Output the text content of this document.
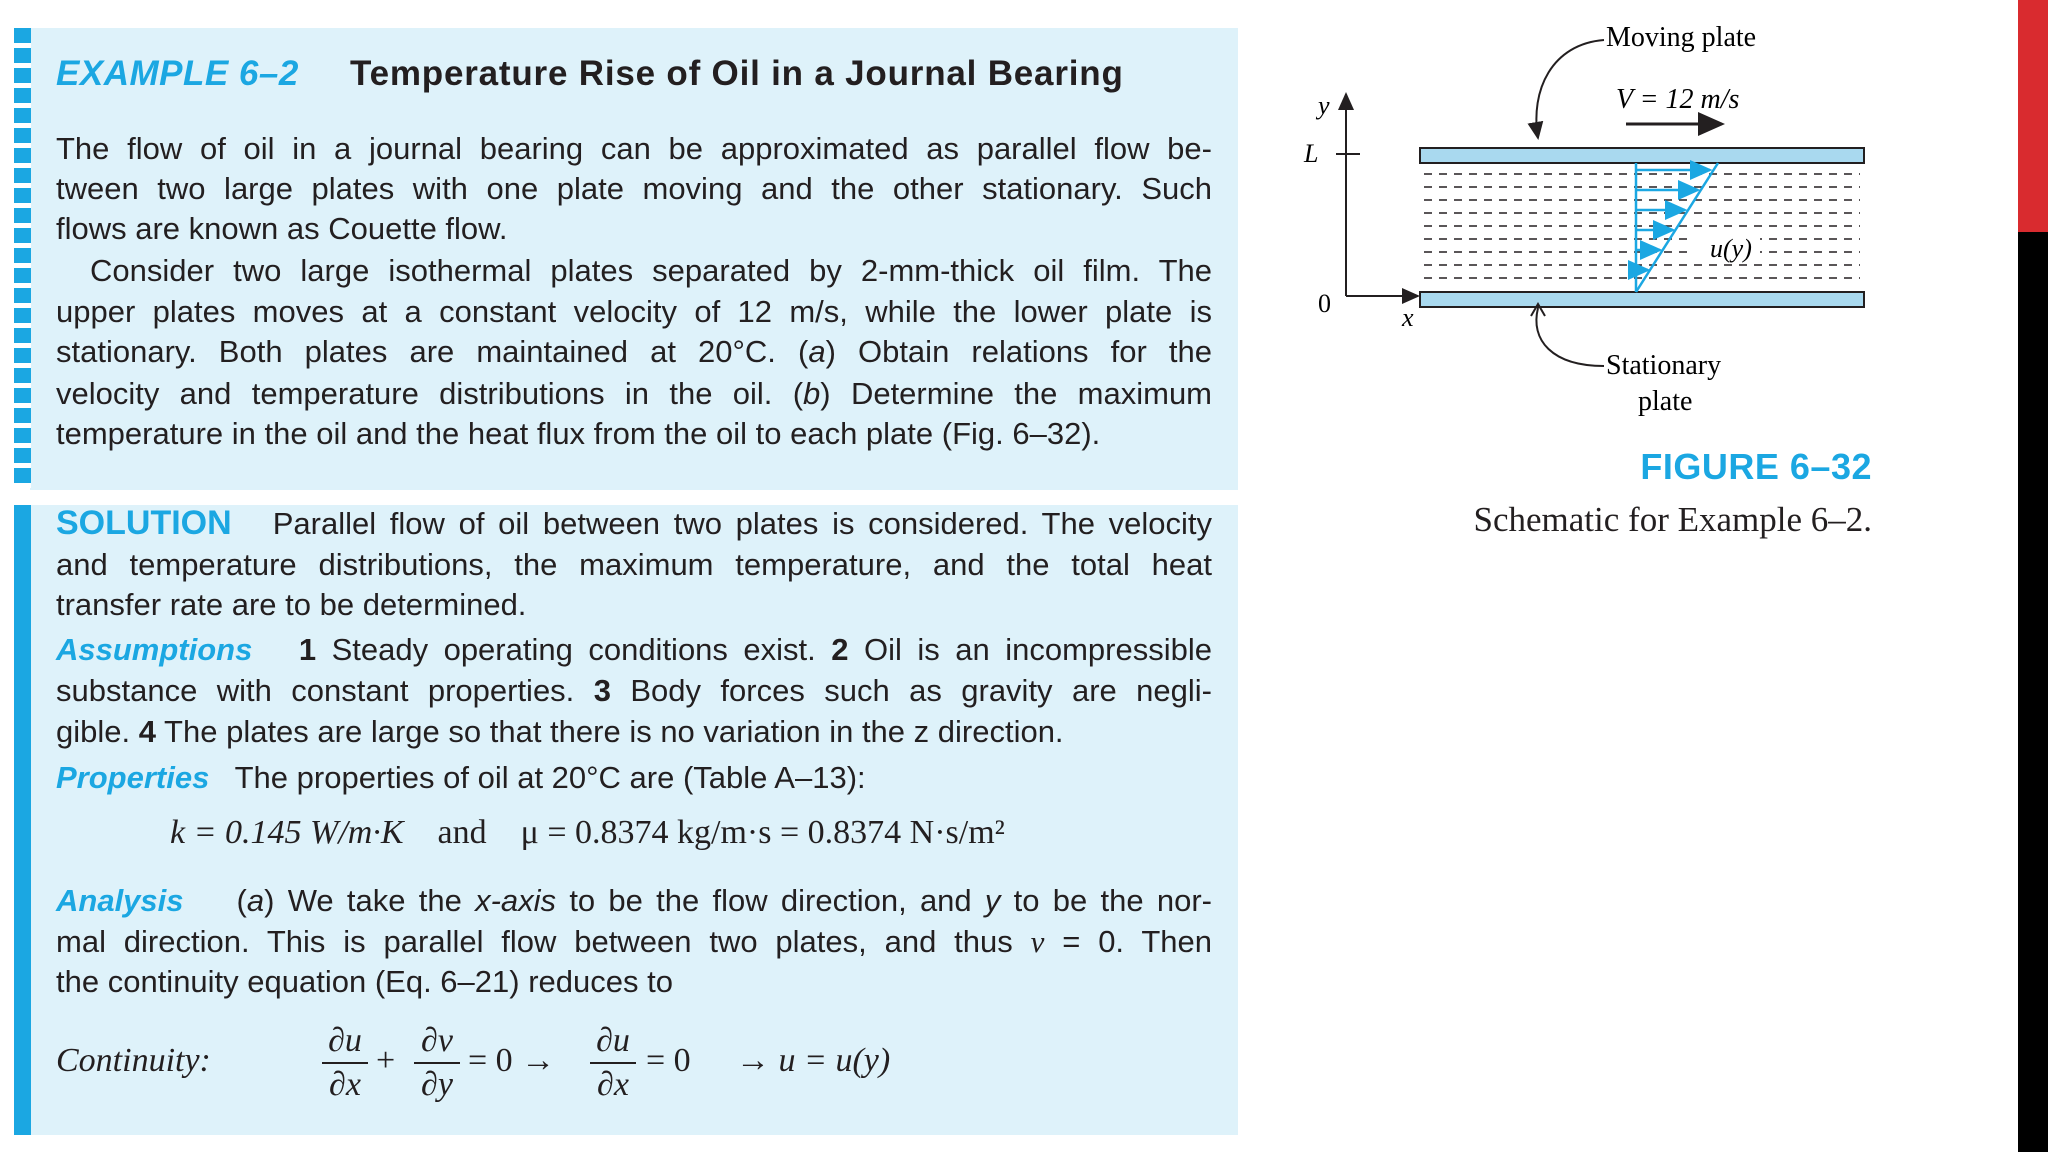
EXAMPLE 6–2 Temperature Rise of Oil in a Journal Bearing
The flow of oil in a journal bearing can be approximated as parallel flow be-
tween two large plates with one plate moving and the other stationary. Such
flows are known as Couette flow.
Consider two large isothermal plates separated by 2-mm-thick oil film. The
upper plates moves at a constant velocity of 12 m/s, while the lower plate is
stationary. Both plates are maintained at 20°C. (a) Obtain relations for the
velocity and temperature distributions in the oil. (b) Determine the maximum
temperature in the oil and the heat flux from the oil to each plate (Fig. 6–32).
SOLUTION Parallel flow of oil between two plates is considered. The velocity
and temperature distributions, the maximum temperature, and the total heat
transfer rate are to be determined.
Assumptions 1 Steady operating conditions exist. 2 Oil is an incompressible
substance with constant properties. 3 Body forces such as gravity are negli-
gible. 4 The plates are large so that there is no variation in the z direction.
Properties The properties of oil at 20°C are (Table A–13):
k = 0.145 W/m·K and μ = 0.8374 kg/m·s = 0.8374 N·s/m²
Analysis (a) We take the x-axis to be the flow direction, and y to be the nor-
mal direction. This is parallel flow between two plates, and thus v = 0. Then
the continuity equation (Eq. 6–21) reduces to
Continuity:
∂u
∂x
+
∂v
∂y
= 0 →
∂u
∂x
= 0 → u = u(y)
Moving plate
V = 12 m/s
u(y)
y
L
0	x
Stationary
plate
FIGURE 6–32
Schematic for Example 6–2.
